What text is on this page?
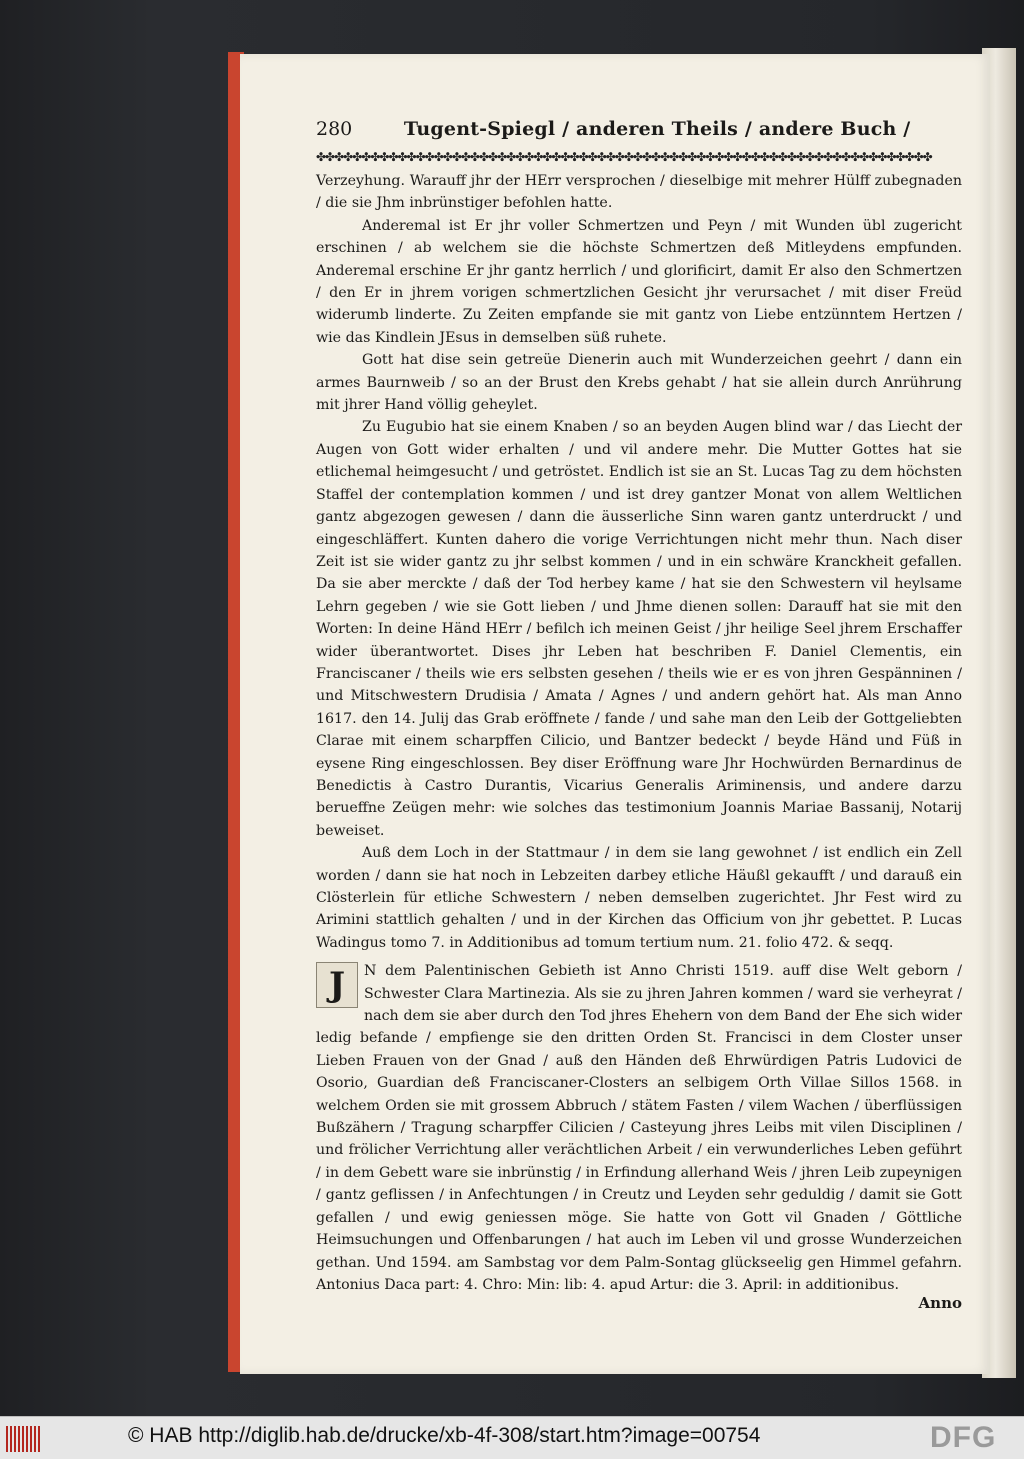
280	Tugent-Spiegl / anderen Theils / andere Buch /
✤✤✤✤✤✤✤✤✤✤✤✤✤✤✤✤✤✤✤✤✤✤✤✤✤✤✤✤✤✤✤✤✤✤✤✤✤✤✤✤✤✤✤✤✤✤✤✤✤✤✤✤✤✤✤✤✤✤✤✤✤✤✤✤✤✤✤✤

Verzeyhung. Warauff jhr der HErr versprochen / dieselbige mit mehrer Hülff zubegnaden / die sie Jhm inbrünstiger befohlen hatte.

Anderemal ist Er jhr voller Schmertzen und Peyn / mit Wunden übl zugericht erschinen / ab welchem sie die höchste Schmertzen deß Mitleydens empfunden. Anderemal erschine Er jhr gantz herrlich / und glorificirt, damit Er also den Schmertzen / den Er in jhrem vorigen schmertzlichen Gesicht jhr verursachet / mit diser Freüd widerumb linderte. Zu Zeiten empfande sie mit gantz von Liebe entzünntem Hertzen / wie das Kindlein JEsus in demselben süß ruhete.

Gott hat dise sein getreüe Dienerin auch mit Wunderzeichen geehrt / dann ein armes Baurnweib / so an der Brust den Krebs gehabt / hat sie allein durch Anrührung mit jhrer Hand völlig geheylet.

Zu Eugubio hat sie einem Knaben / so an beyden Augen blind war / das Liecht der Augen von Gott wider erhalten / und vil andere mehr. Die Mutter Gottes hat sie etlichemal heimgesucht / und getröstet. Endlich ist sie an St. Lucas Tag zu dem höchsten Staffel der contemplation kommen / und ist drey gantzer Monat von allem Weltlichen gantz abgezogen gewesen / dann die äusserliche Sinn waren gantz unterdruckt / und eingeschläffert. Kunten dahero die vorige Verrichtungen nicht mehr thun. Nach diser Zeit ist sie wider gantz zu jhr selbst kommen / und in ein schwäre Kranckheit gefallen. Da sie aber merckte / daß der Tod herbey kame / hat sie den Schwestern vil heylsame Lehrn gegeben / wie sie Gott lieben / und Jhme dienen sollen: Darauff hat sie mit den Worten: In deine Händ HErr / befilch ich meinen Geist / jhr heilige Seel jhrem Erschaffer wider überantwortet. Dises jhr Leben hat beschriben F. Daniel Clementis, ein Franciscaner / theils wie ers selbsten gesehen / theils wie er es von jhren Gespänninen / und Mitschwestern Drudisia / Amata / Agnes / und andern gehört hat. Als man Anno 1617. den 14. Julij das Grab eröffnete / fande / und sahe man den Leib der Gottgeliebten Clarae mit einem scharpffen Cilicio, und Bantzer bedeckt / beyde Händ und Füß in eysene Ring eingeschlossen. Bey diser Eröffnung ware Jhr Hochwürden Bernardinus de Benedictis à Castro Durantis, Vicarius Generalis Ariminensis, und andere darzu berueffne Zeügen mehr: wie solches das testimonium Joannis Mariae Bassanij, Notarij beweiset.

Auß dem Loch in der Stattmaur / in dem sie lang gewohnet / ist endlich ein Zell worden / dann sie hat noch in Lebzeiten darbey etliche Häußl gekaufft / und darauß ein Clösterlein für etliche Schwestern / neben demselben zugerichtet. Jhr Fest wird zu Arimini stattlich gehalten / und in der Kirchen das Officium von jhr gebettet. P. Lucas Wadingus tomo 7. in Additionibus ad tomum tertium num. 21. folio 472. & seqq.

J	N dem Palentinischen Gebieth ist Anno Christi 1519. auff dise Welt geborn / Schwester Clara Martinezia. Als sie zu jhren Jahren kommen / ward sie verheyrat / nach dem sie aber durch den Tod jhres Ehehern von dem Band der Ehe sich wider ledig befande / empfienge sie den dritten Orden St. Francisci in dem Closter unser Lieben Frauen von der Gnad / auß den Händen deß Ehrwürdigen Patris Ludovici de Osorio, Guardian deß Franciscaner-Closters an selbigem Orth Villae Sillos 1568. in welchem Orden sie mit grossem Abbruch / stätem Fasten / vilem Wachen / überflüssigen Bußzähern / Tragung scharpffer Cilicien / Casteyung jhres Leibs mit vilen Disciplinen / und frölicher Verrichtung aller verächtlichen Arbeit / ein verwunderliches Leben geführt / in dem Gebett ware sie inbrünstig / in Erfindung allerhand Weis / jhren Leib zupeynigen / gantz geflissen / in Anfechtungen / in Creutz und Leyden sehr geduldig / damit sie Gott gefallen / und ewig geniessen möge. Sie hatte von Gott vil Gnaden / Göttliche Heimsuchungen und Offenbarungen / hat auch im Leben vil und grosse Wunderzeichen gethan. Und 1594. am Sambstag vor dem Palm-Sontag glückseelig gen Himmel gefahrn. Antonius Daca part: 4. Chro: Min: lib: 4. apud Artur: die 3. April: in additionibus.

Anno
© HAB http://diglib.hab.de/drucke/xb-4f-308/start.htm?image=00754	DFG
